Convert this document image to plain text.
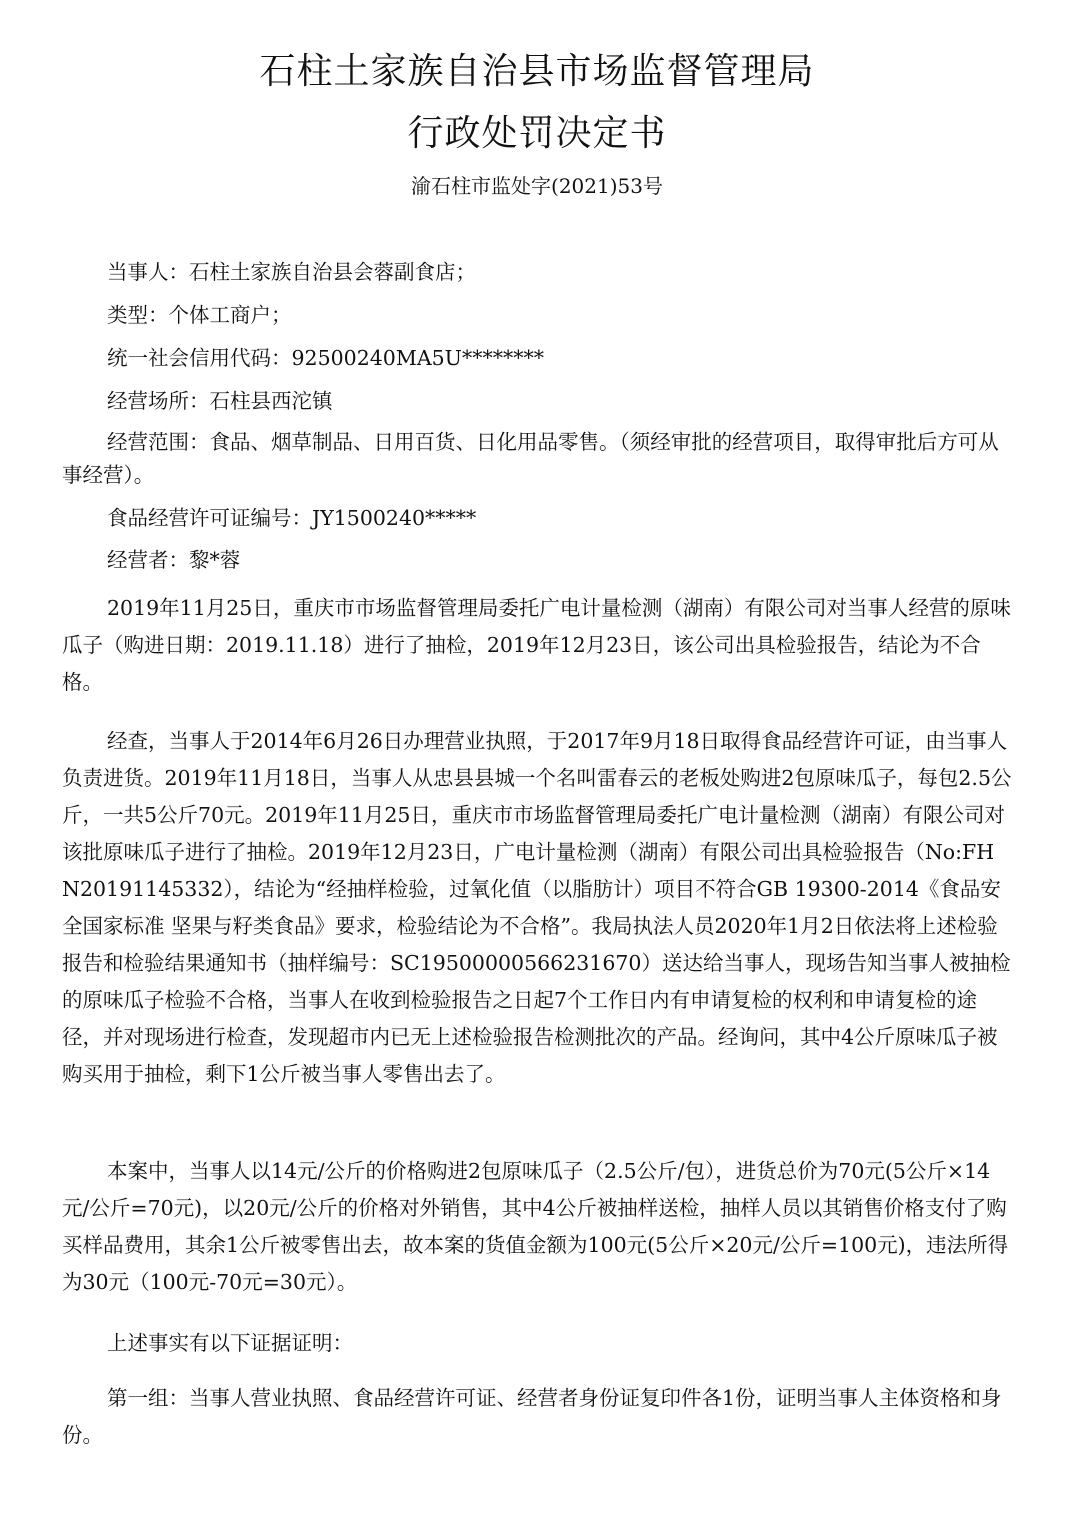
石柱土家族自治县市场监督管理局
行政处罚决定书
渝石柱市监处字(2021)53号
当事人：石柱土家族自治县会蓉副食店；
类型：个体工商户；
统一社会信用代码：92500240MA5U********
经营场所：石柱县西沱镇
经营范围：食品、烟草制品、日用百货、日化用品零售。（须经审批的经营项目，取得审批后方可从事经营）。
食品经营许可证编号：JY1500240*****
经营者：黎*蓉
2019年11月25日，重庆市市场监督管理局委托广电计量检测（湖南）有限公司对当事人经营的原味瓜子（购进日期：2019.11.18）进行了抽检，2019年12月23日，该公司出具检验报告，结论为不合格。
经查，当事人于2014年6月26日办理营业执照，于2017年9月18日取得食品经营许可证，由当事人负责进货。2019年11月18日，当事人从忠县县城一个名叫雷春云的老板处购进2包原味瓜子，每包2.5公斤，一共5公斤70元。2019年11月25日，重庆市市场监督管理局委托广电计量检测（湖南）有限公司对该批原味瓜子进行了抽检。2019年12月23日，广电计量检测（湖南）有限公司出具检验报告（No:FHN20191145332），结论为“经抽样检验，过氧化值（以脂肪计）项目不符合GB 19300-2014《食品安全国家标准 坚果与籽类食品》要求，检验结论为不合格”。我局执法人员2020年1月2日依法将上述检验报告和检验结果通知书（抽样编号：SC19500000566231670）送达给当事人，现场告知当事人被抽检的原味瓜子检验不合格，当事人在收到检验报告之日起7个工作日内有申请复检的权利和申请复检的途径，并对现场进行检查，发现超市内已无上述检验报告检测批次的产品。经询问，其中4公斤原味瓜子被购买用于抽检，剩下1公斤被当事人零售出去了。
本案中，当事人以14元/公斤的价格购进2包原味瓜子（2.5公斤/包），进货总价为70元(5公斤×14元/公斤=70元)，以20元/公斤的价格对外销售，其中4公斤被抽样送检，抽样人员以其销售价格支付了购买样品费用，其余1公斤被零售出去，故本案的货值金额为100元(5公斤×20元/公斤=100元)，违法所得为30元（100元-70元=30元）。
上述事实有以下证据证明：
第一组：当事人营业执照、食品经营许可证、经营者身份证复印件各1份，证明当事人主体资格和身份。
